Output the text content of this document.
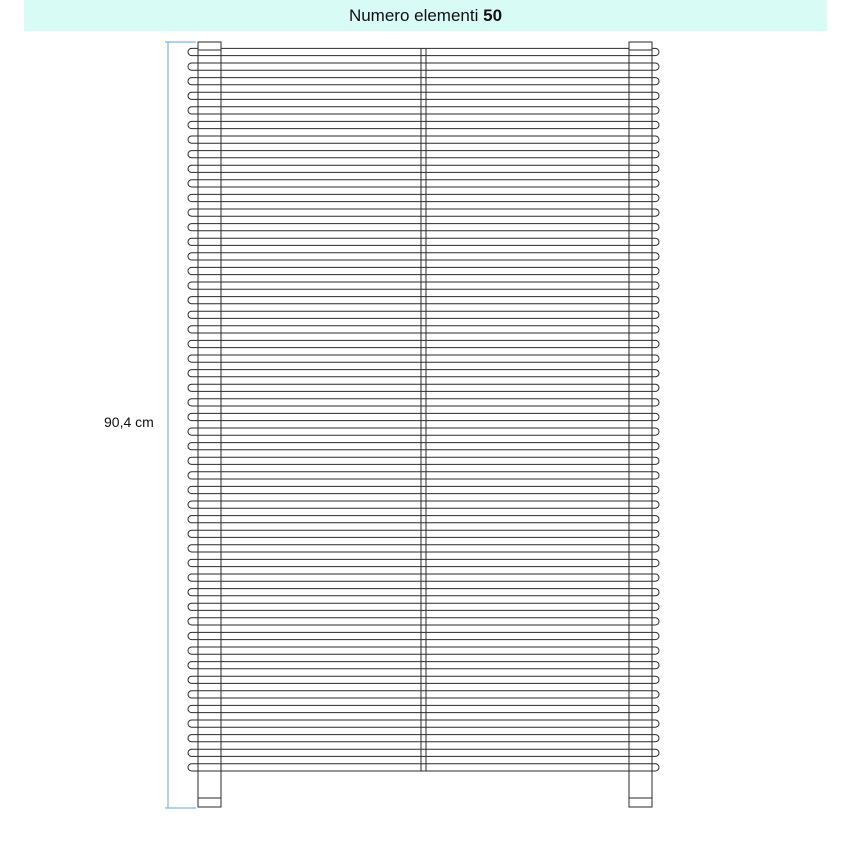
Numero elementi 50
90,4 cm
